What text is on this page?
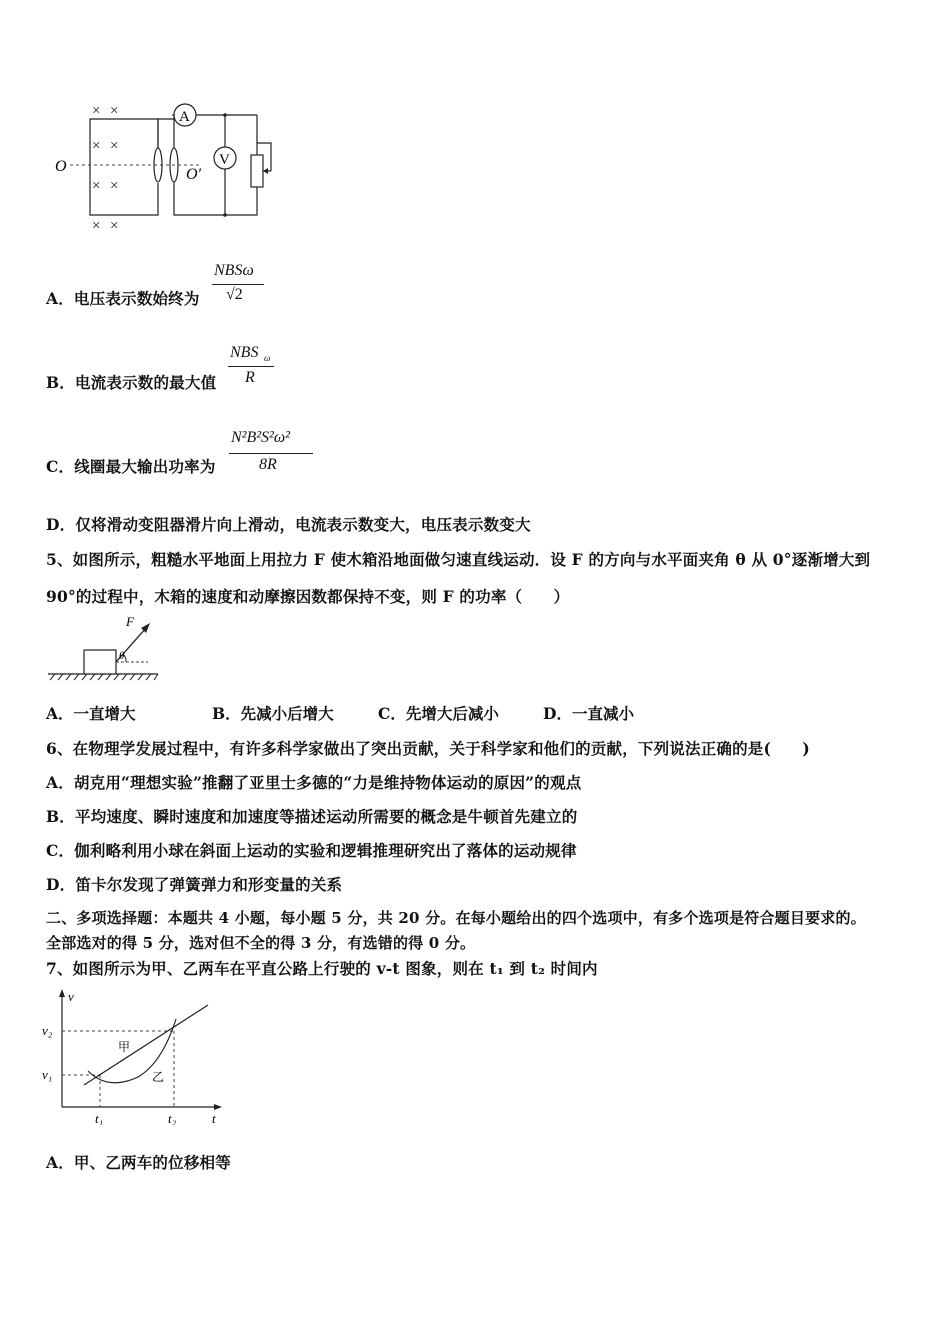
× ×
× ×
× ×
× ×
O	O′
A
V
A．电压表示数始终为
NBSω
√2
B．电流表示数的最大值
NBS ω
R
C．线圈最大输出功率为
N²B²S²ω²
8R
D．仅将滑动变阻器滑片向上滑动，电流表示数变大，电压表示数变大
5、如图所示，粗糙水平地面上用拉力 F 使木箱沿地面做匀速直线运动．设 F 的方向与水平面夹角 θ 从 0°逐渐增大到
90°的过程中，木箱的速度和动摩擦因数都保持不变，则 F 的功率（　　）
F
θ
A．一直增大	B．先减小后增大	C．先增大后减小	D．一直减小
6、在物理学发展过程中，有许多科学家做出了突出贡献，关于科学家和他们的贡献，下列说法正确的是(　　)
A．胡克用“理想实验”推翻了亚里士多德的“力是维持物体运动的原因”的观点
B．平均速度、瞬时速度和加速度等描述运动所需要的概念是牛顿首先建立的
C．伽利略利用小球在斜面上运动的实验和逻辑推理研究出了落体的运动规律
D．笛卡尔发现了弹簧弹力和形变量的关系
二、多项选择题：本题共 4 小题，每小题 5 分，共 20 分。在每小题给出的四个选项中，有多个选项是符合题目要求的。
全部选对的得 5 分，选对但不全的得 3 分，有选错的得 0 分。
7、如图所示为甲、乙两车在平直公路上行驶的 v-t 图象，则在 t₁ 到 t₂ 时间内
v
t
v₂
v₁
t₁	t₂
甲
乙
A．甲、乙两车的位移相等
